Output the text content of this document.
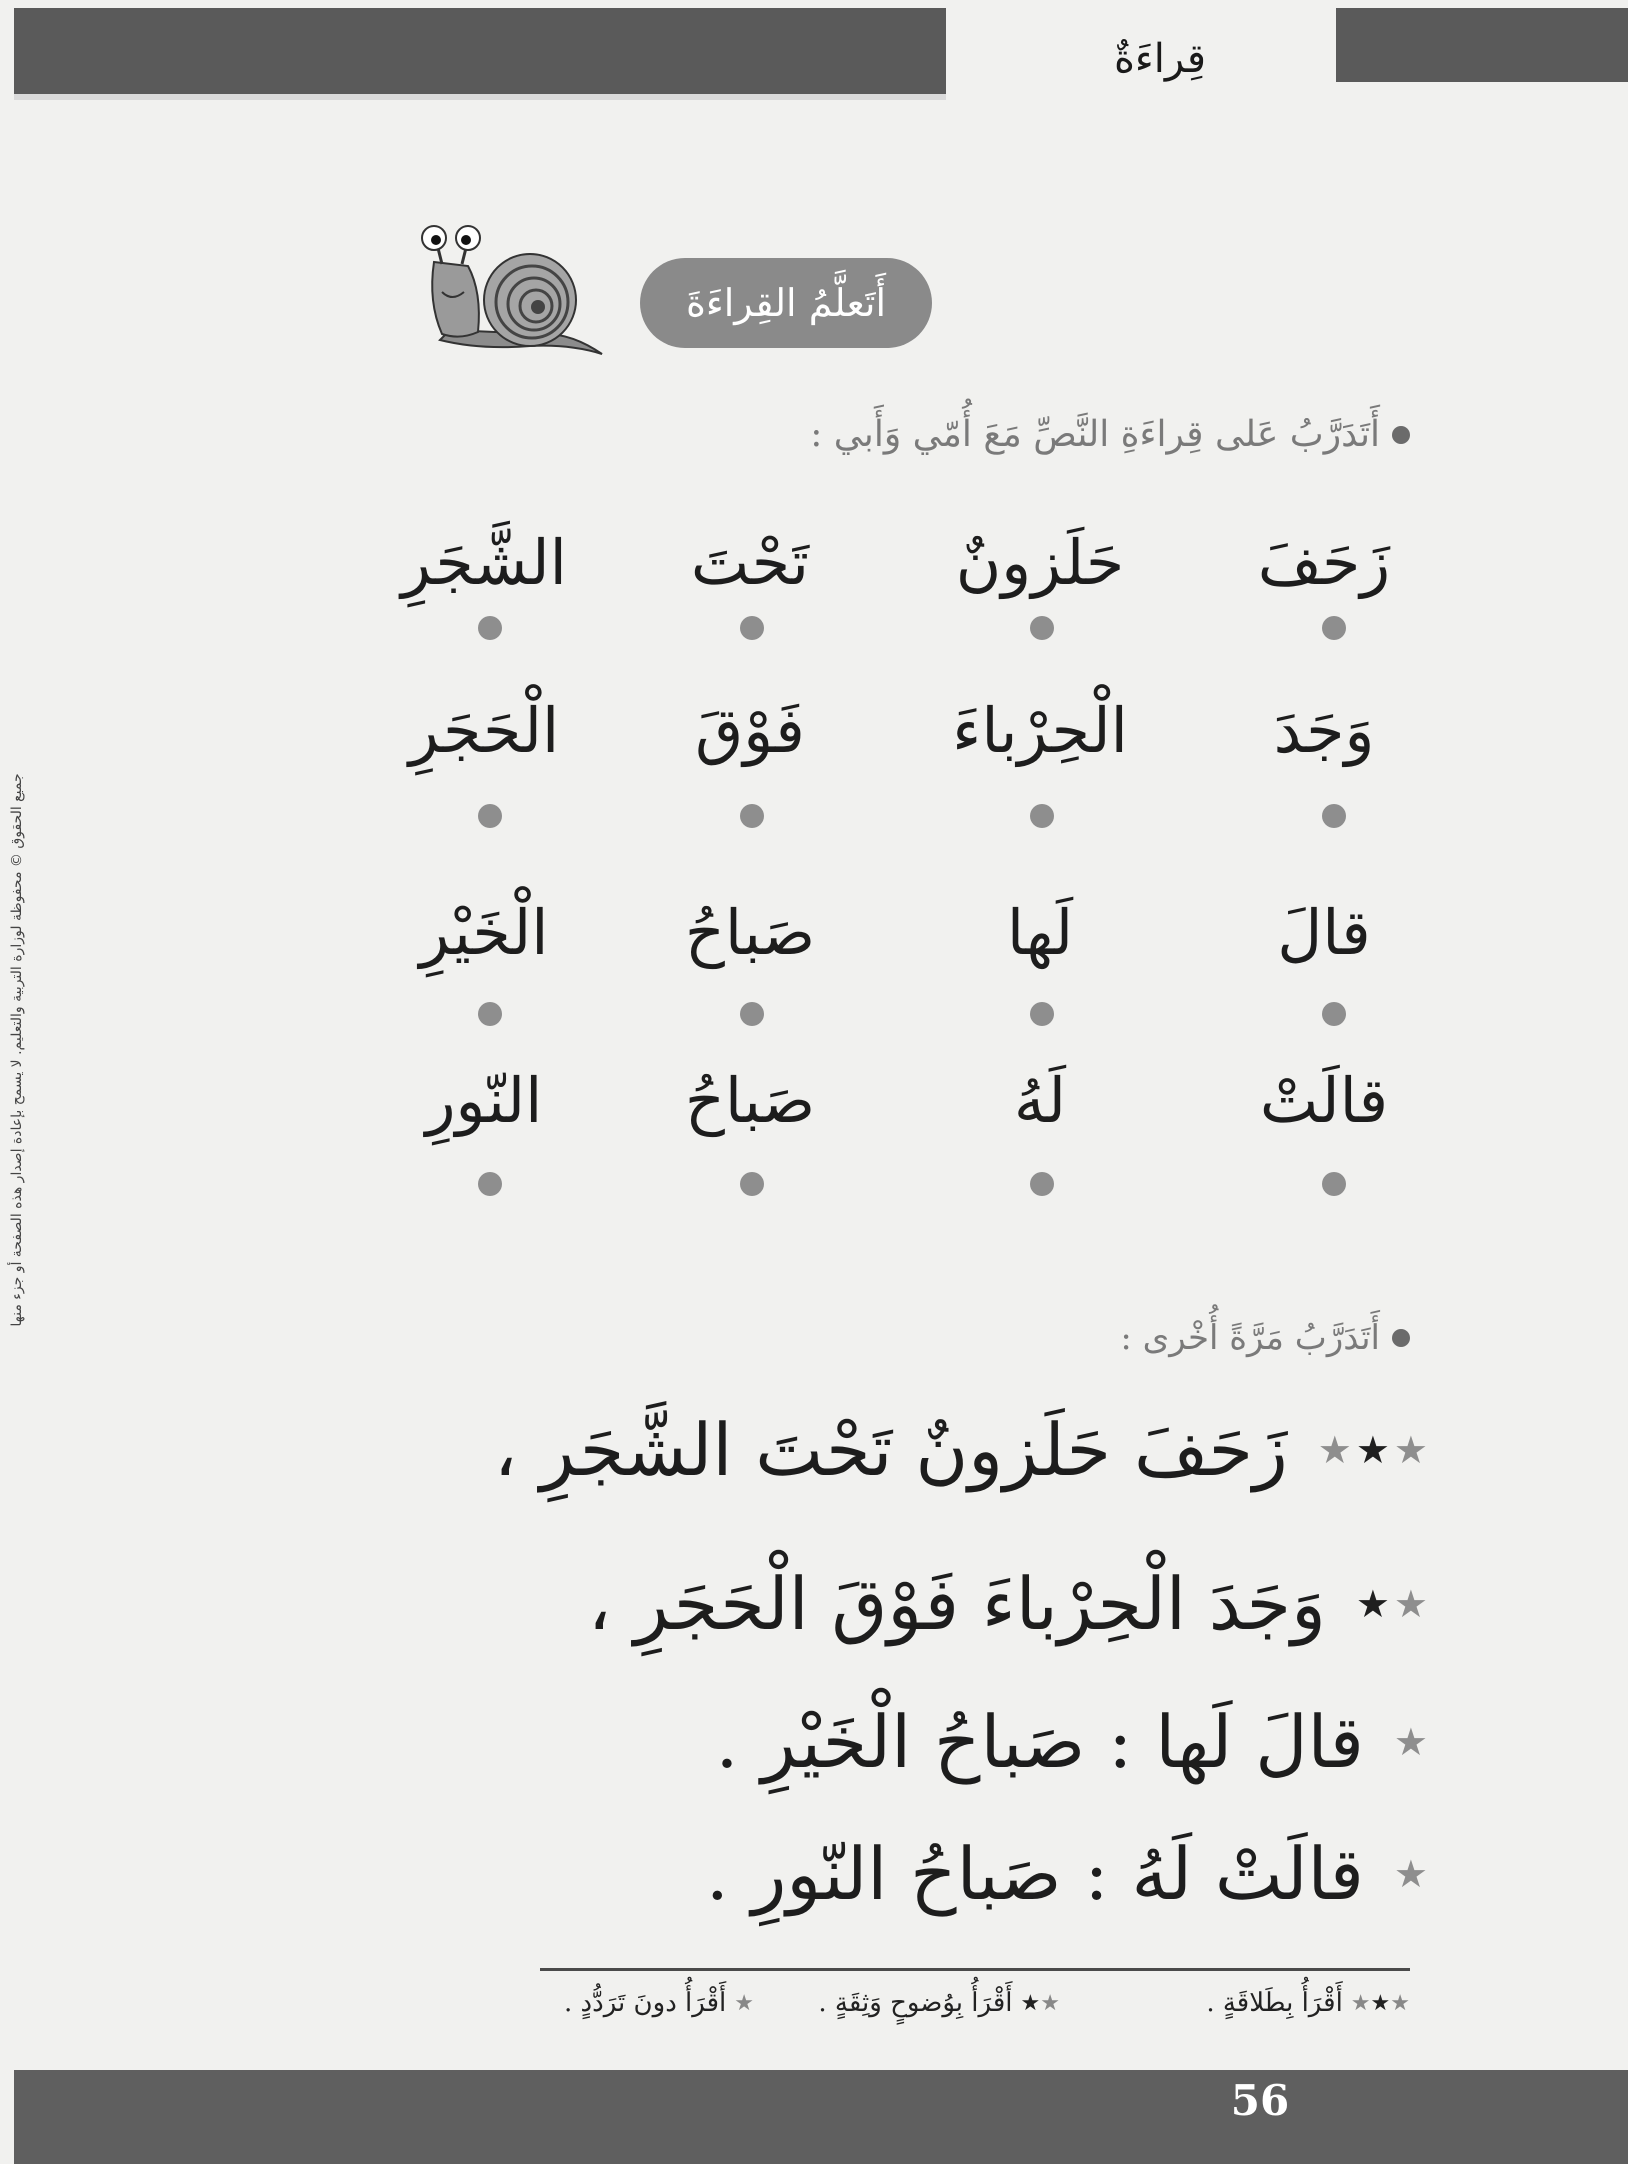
قِراءَةٌ
جميع الحقوق © محفوظة لوزارة التربية والتعليم. لا يسمح بإعادة إصدار هذه الصفحة أو جزء منها
أَتَعلَّمُ القِراءَةَ
أَتَدَرَّبُ عَلى قِراءَةِ النَّصِّ مَعَ أُمّي وَأَبي :
زَحَفَ
حَلَزونٌ
تَحْتَ
الشَّجَرِ
وَجَدَ
الْحِرْباءَ
فَوْقَ
الْحَجَرِ
قالَ
لَها
صَباحُ
الْخَيْرِ
قالَتْ
لَهُ
صَباحُ
النّورِ
أَتَدَرَّبُ مَرَّةً أُخْرى :
★
★
★
زَحَفَ حَلَزونٌ تَحْتَ الشَّجَرِ ،
★
★
وَجَدَ الْحِرْباءَ فَوْقَ الْحَجَرِ ،
★
قالَ لَها : صَباحُ الْخَيْرِ .
★
قالَتْ لَهُ : صَباحُ النّورِ .
★★★
أَقْرَأُ بِطَلاقَةٍ .
★★
أَقْرَأُ بِوُضوحٍ وَثِقَةٍ .
★
أَقْرَأُ دونَ تَرَدُّدٍ .
56
